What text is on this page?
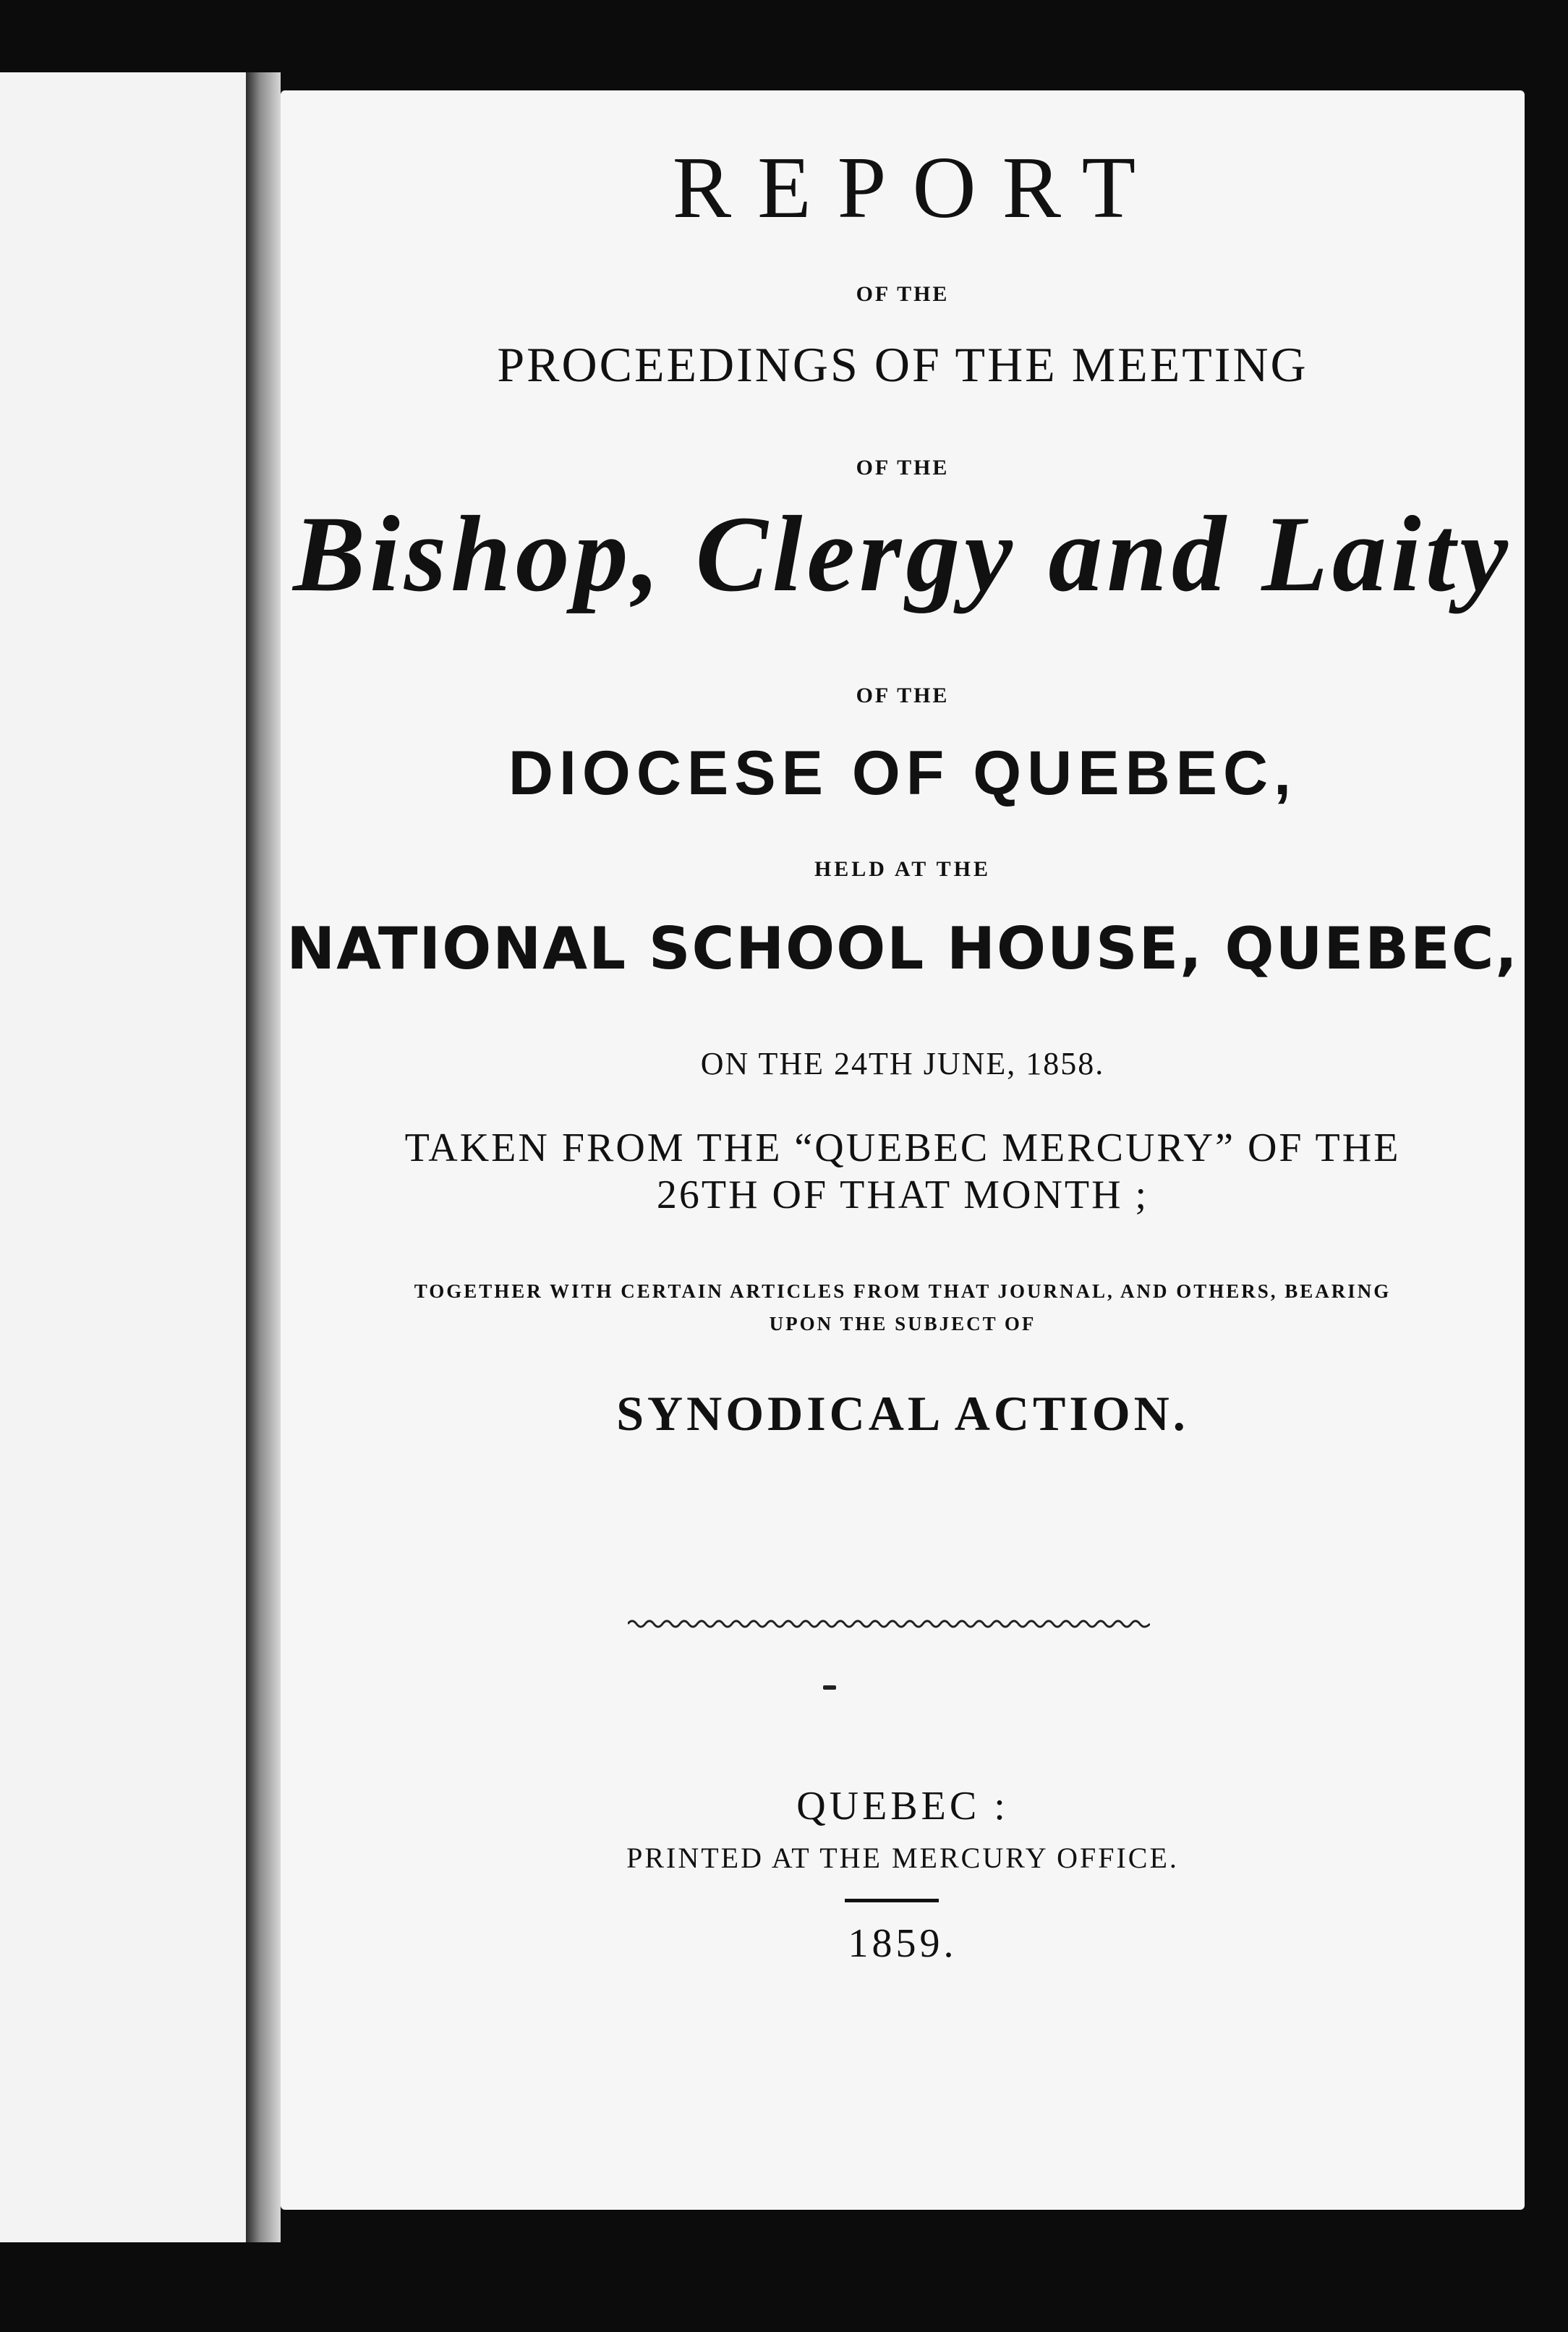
REPORT

OF THE

PROCEEDINGS OF THE MEETING

OF THE

Bishop, Clergy and Laity

OF THE

DIOCESE OF QUEBEC,

HELD AT THE

NATIONAL SCHOOL HOUSE, QUEBEC,

ON THE 24TH JUNE, 1858.

TAKEN FROM THE “QUEBEC MERCURY” OF THE

26TH OF THAT MONTH ;

TOGETHER WITH CERTAIN ARTICLES FROM THAT JOURNAL, AND OTHERS, BEARING

UPON THE SUBJECT OF

SYNODICAL ACTION.

QUEBEC :

PRINTED AT THE MERCURY OFFICE.

1859.
